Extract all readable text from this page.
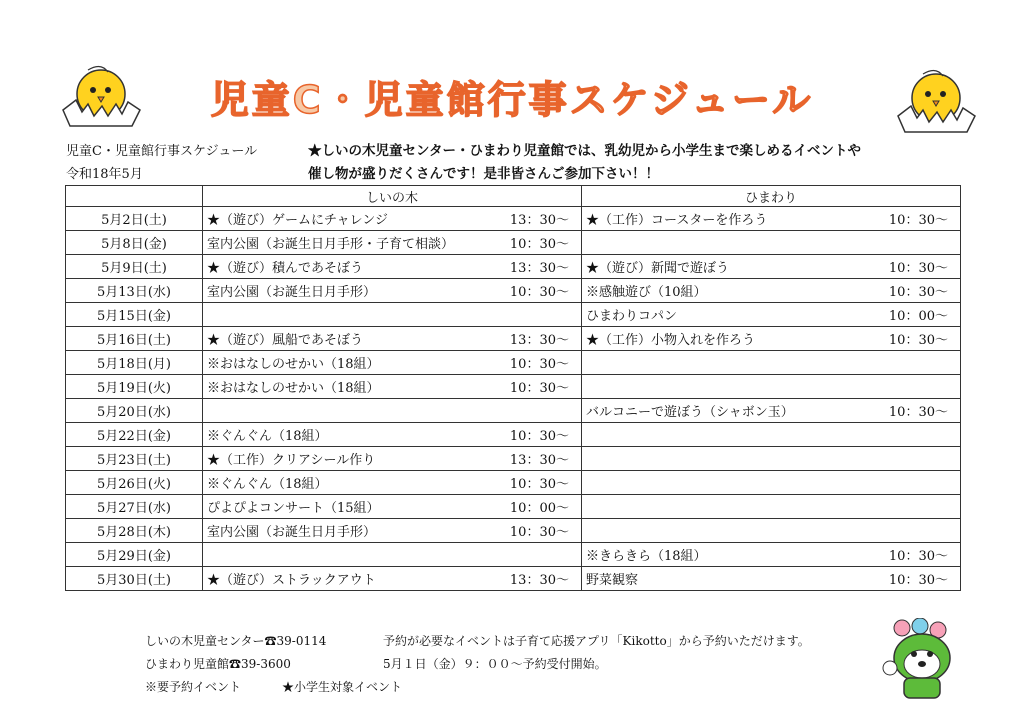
児童C・児童館行事スケジュール
児童C・児童館行事スケジュール
令和18年5月
★しいの木児童センター・ひまわり児童館では、乳幼児から小学生まで楽しめるイベントや
催し物が盛りだくさんです！是非皆さんご参加下さい！！
	しいの木	ひまわり
5月2日(土)	★（遊び）ゲームにチャレンジ 13：30～	★（工作）コースターを作ろう 10：30～

5月8日(金)	室内公園（お誕生日月手形・子育て相談） 10：30～	

5月9日(土)	★（遊び）積んであそぼう 13：30～	★（遊び）新聞で遊ぼう 10：30～

5月13日(水)	室内公園（お誕生日月手形） 10：30～	※感触遊び（10組） 10：30～

5月15日(金)		ひまわりコパン 10：00～

5月16日(土)	★（遊び）風船であそぼう 13：30～	★（工作）小物入れを作ろう 10：30～

5月18日(月)	※おはなしのせかい（18組） 10：30～	

5月19日(火)	※おはなしのせかい（18組） 10：30～	

5月20日(水)		バルコニーで遊ぼう（シャボン玉） 10：30～

5月22日(金)	※ぐんぐん（18組） 10：30～	

5月23日(土)	★（工作）クリアシール作り 13：30～	

5月26日(火)	※ぐんぐん（18組） 10：30～	

5月27日(水)	ぴよぴよコンサート（15組） 10：00～	

5月28日(木)	室内公園（お誕生日月手形） 10：30～	

5月29日(金)		※きらきら（18組） 10：30～

5月30日(土)	★（遊び）ストラックアウト 13：30～	野菜観察 10：30～
しいの木児童センター☎39-0114
ひまわり児童館☎39-3600
※要予約イベント	★小学生対象イベント
予約が必要なイベントは子育て応援アプリ「Kikotto」から予約いただけます。
5月１日（金）９：００～予約受付開始。
